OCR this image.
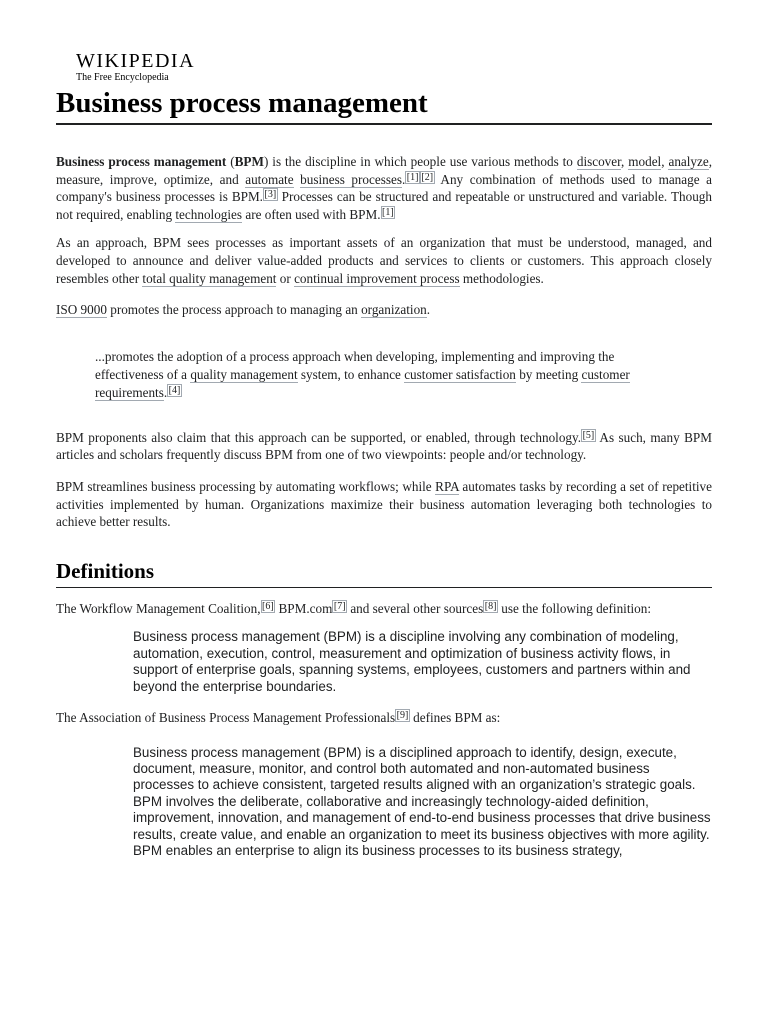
WIKIPEDIA
The Free Encyclopedia
Business process management

Business process management (BPM) is the discipline in which people use various methods to discover, model, analyze, measure, improve, optimize, and automate business processes. [1] [2] Any combination of methods used to manage a company's business processes is BPM. [3] Processes can be structured and repeatable or unstructured and variable. Though not required, enabling technologies are often used with BPM. [1]

As an approach, BPM sees processes as important assets of an organization that must be understood, managed, and developed to announce and deliver value-added products and services to clients or customers. This approach closely resembles other total quality management or continual improvement process methodologies.

ISO 9000 promotes the process approach to managing an organization.

...promotes the adoption of a process approach when developing, implementing and improving the effectiveness of a quality management system, to enhance customer satisfaction by meeting customer requirements. [4]

BPM proponents also claim that this approach can be supported, or enabled, through technology. [5] As such, many BPM articles and scholars frequently discuss BPM from one of two viewpoints: people and/or technology.

BPM streamlines business processing by automating workflows; while RPA automates tasks by recording a set of repetitive activities implemented by human. Organizations maximize their business automation leveraging both technologies to achieve better results.

Definitions

The Workflow Management Coalition, [6] BPM.com [7] and several other sources [8] use the following definition:

Business process management (BPM) is a discipline involving any combination of modeling, automation, execution, control, measurement and optimization of business activity flows, in support of enterprise goals, spanning systems, employees, customers and partners within and beyond the enterprise boundaries.

The Association of Business Process Management Professionals [9] defines BPM as:

Business process management (BPM) is a disciplined approach to identify, design, execute, document, measure, monitor, and control both automated and non-automated business processes to achieve consistent, targeted results aligned with an organization’s strategic goals. BPM involves the deliberate, collaborative and increasingly technology-aided definition, improvement, innovation, and management of end-to-end business processes that drive business results, create value, and enable an organization to meet its business objectives with more agility. BPM enables an enterprise to align its business processes to its business strategy,
